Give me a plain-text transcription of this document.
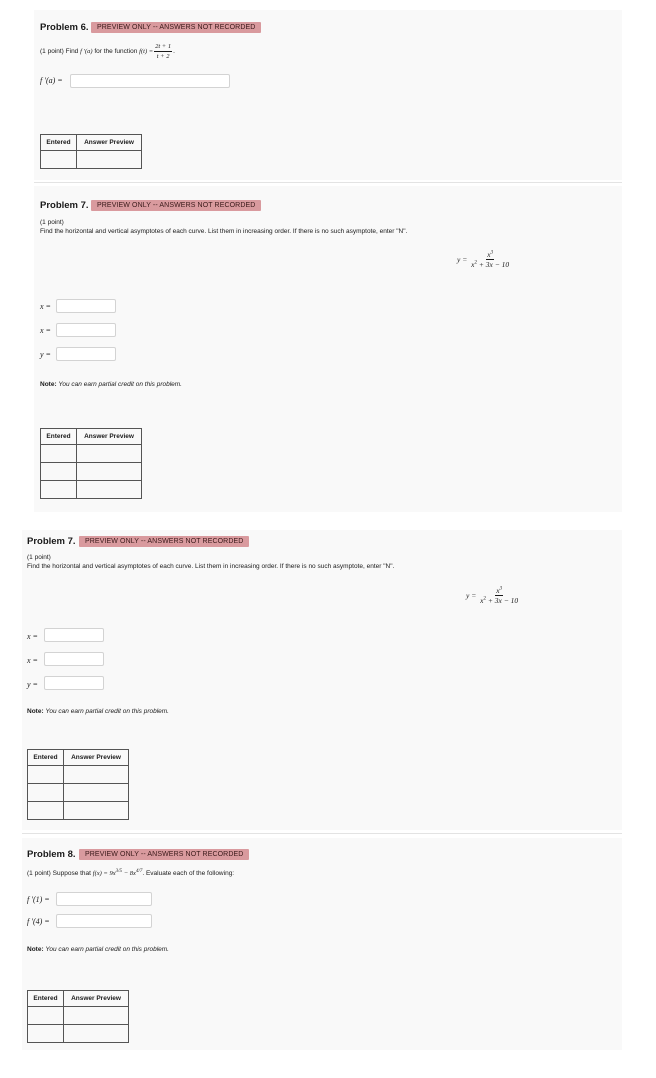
Problem 6.	PREVIEW ONLY -- ANSWERS NOT RECORDED
(1 point) Find
f ′(a)
for the function
$f(t) = \frac{2t + 1}{t + 2}$ .
f ′(a) =
Entered	Answer Preview

Problem 7.	PREVIEW ONLY -- ANSWERS NOT RECORDED
(1 point)
Find the horizontal and vertical asymptotes of each curve. List them in increasing order. If there is no such asymptote, enter "N".
y =
$\frac{x^3}{x^2 + 3x - 10}$
x =
x =
y =
Note: You can earn partial credit on this problem.
Entered	Answer Preview

Problem 7.	PREVIEW ONLY -- ANSWERS NOT RECORDED
(1 point)
Find the horizontal and vertical asymptotes of each curve. List them in increasing order. If there is no such asymptote, enter "N".
y =
$\frac{x^3}{x^2 + 3x - 10}$
x =
x =
y =
Note: You can earn partial credit on this problem.
Entered	Answer Preview

Problem 8.	PREVIEW ONLY -- ANSWERS NOT RECORDED
(1 point) Suppose that $f(x) = 9x^{3/5} - 8x^{4/7}$. Evaluate each of the following:
f ′(1) =
f ′(4) =
Note: You can earn partial credit on this problem.
Entered	Answer Preview
